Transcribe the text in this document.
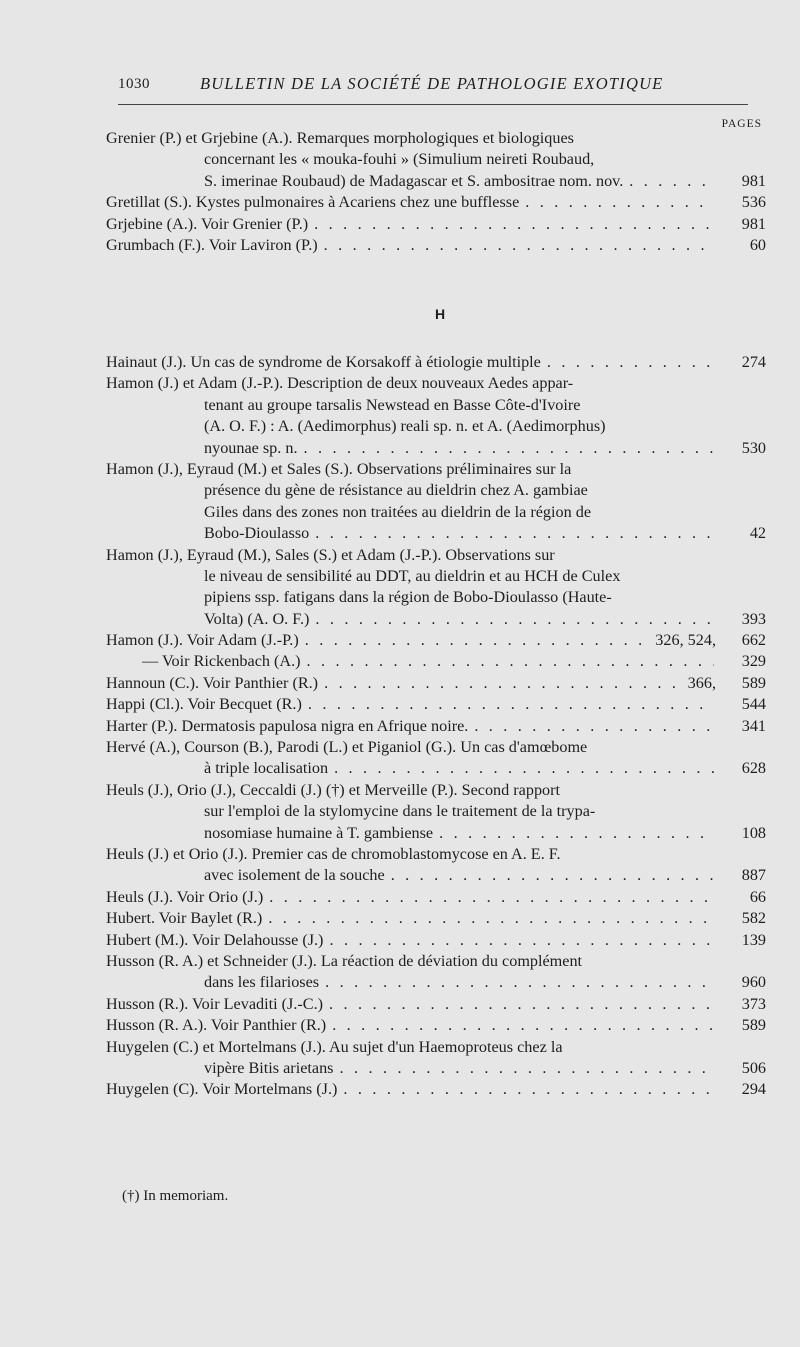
1030	BULLETIN DE LA SOCIÉTÉ DE PATHOLOGIE EXOTIQUE
PAGES
Grenier (P.) et Grjebine (A.). Remarques morphologiques et biologiques
concernant les « mouka-fouhi » (Simulium neireti Roubaud,
S. imerinae Roubaud) de Madagascar et S. ambositrae nom. nov. . . .	981
Gretillat (S.). Kystes pulmonaires à Acariens chez une bufflesse . . .	536
Grjebine (A.). Voir Grenier (P.) . . .	981
Grumbach (F.). Voir Laviron (P.) . . .	60
H
Hainaut (J.). Un cas de syndrome de Korsakoff à étiologie multiple . . .	274
Hamon (J.) et Adam (J.-P.). Description de deux nouveaux Aedes appar-
tenant au groupe tarsalis Newstead en Basse Côte-d'Ivoire
(A. O. F.) : A. (Aedimorphus) reali sp. n. et A. (Aedimorphus)
nyounae sp. n. . . .	530
Hamon (J.), Eyraud (M.) et Sales (S.). Observations préliminaires sur la
présence du gène de résistance au dieldrin chez A. gambiae
Giles dans des zones non traitées au dieldrin de la région de
Bobo-Dioulasso . . .	42
Hamon (J.), Eyraud (M.), Sales (S.) et Adam (J.-P.). Observations sur
le niveau de sensibilité au DDT, au dieldrin et au HCH de Culex
pipiens ssp. fatigans dans la région de Bobo-Dioulasso (Haute-
Volta) (A. O. F.) . . .	393
Hamon (J.). Voir Adam (J.-P.) . . .	326, 524,	662
— Voir Rickenbach (A.) . . .	329
Hannoun (C.). Voir Panthier (R.) . . .	366,	589
Happi (Cl.). Voir Becquet (R.) . . .	544
Harter (P.). Dermatosis papulosa nigra en Afrique noire. . . .	341
Hervé (A.), Courson (B.), Parodi (L.) et Piganiol (G.). Un cas d'amœbome
à triple localisation . . .	628
Heuls (J.), Orio (J.), Ceccaldi (J.) (†) et Merveille (P.). Second rapport
sur l'emploi de la stylomycine dans le traitement de la trypa-
nosomiase humaine à T. gambiense . . .	108
Heuls (J.) et Orio (J.). Premier cas de chromoblastomycose en A. E. F.
avec isolement de la souche . . .	887
Heuls (J.). Voir Orio (J.) . . .	66
Hubert. Voir Baylet (R.) . . .	582
Hubert (M.). Voir Delahousse (J.) . . .	139
Husson (R. A.) et Schneider (J.). La réaction de déviation du complément
dans les filarioses . . .	960
Husson (R.). Voir Levaditi (J.-C.) . . .	373
Husson (R. A.). Voir Panthier (R.) . . .	589
Huygelen (C.) et Mortelmans (J.). Au sujet d'un Haemoproteus chez la
vipère Bitis arietans . . .	506
Huygelen (C). Voir Mortelmans (J.) . . .	294
(†) In memoriam.
